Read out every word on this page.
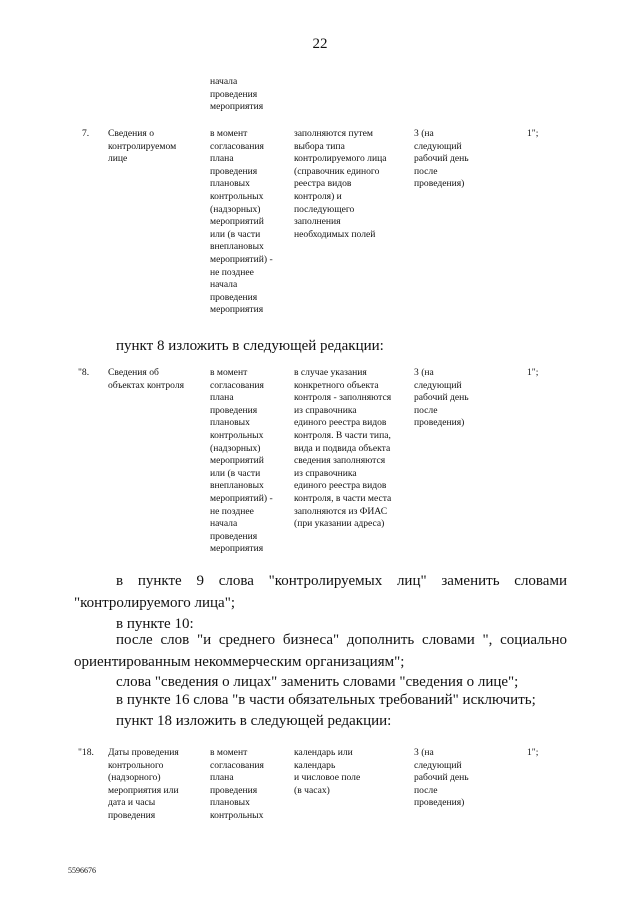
22
начала
проведения
мероприятия
7. Сведения о
контролируемом
лице
в момент
согласования
плана
проведения
плановых
контрольных
(надзорных)
мероприятий
или (в части
внеплановых
мероприятий) -
не позднее
начала
проведения
мероприятия
заполняются путем
выбора типа
контролируемого лица
(справочник единого
реестра видов
контроля) и
последующего
заполнения
необходимых полей
3 (на
следующий
рабочий день
после
проведения)
1";
пункт 8 изложить в следующей редакции:
"8. Сведения об
объектах контроля
в момент
согласования
плана
проведения
плановых
контрольных
(надзорных)
мероприятий
или (в части
внеплановых
мероприятий) -
не позднее
начала
проведения
мероприятия
в случае указания
конкретного объекта
контроля - заполняются
из справочника
единого реестра видов
контроля. В части типа,
вида и подвида объекта
сведения заполняются
из справочника
единого реестра видов
контроля, в части места
заполняются из ФИАС
(при указании адреса)
3 (на
следующий
рабочий день
после
проведения)
1";
в пункте 9 слова "контролируемых лиц" заменить словами
"контролируемого лица";
в пункте 10:
после слов "и среднего бизнеса" дополнить словами ", социально
ориентированным некоммерческим организациям";
слова "сведения о лицах" заменить словами "сведения о лице";
в пункте 16 слова "в части обязательных требований" исключить;
пункт 18 изложить в следующей редакции:
"18. Даты проведения
контрольного
(надзорного)
мероприятия или
дата и часы
проведения
в момент
согласования
плана
проведения
плановых
контрольных
календарь или
календарь
и числовое поле
(в часах)
3 (на
следующий
рабочий день
после
проведения)
1";
5596676
